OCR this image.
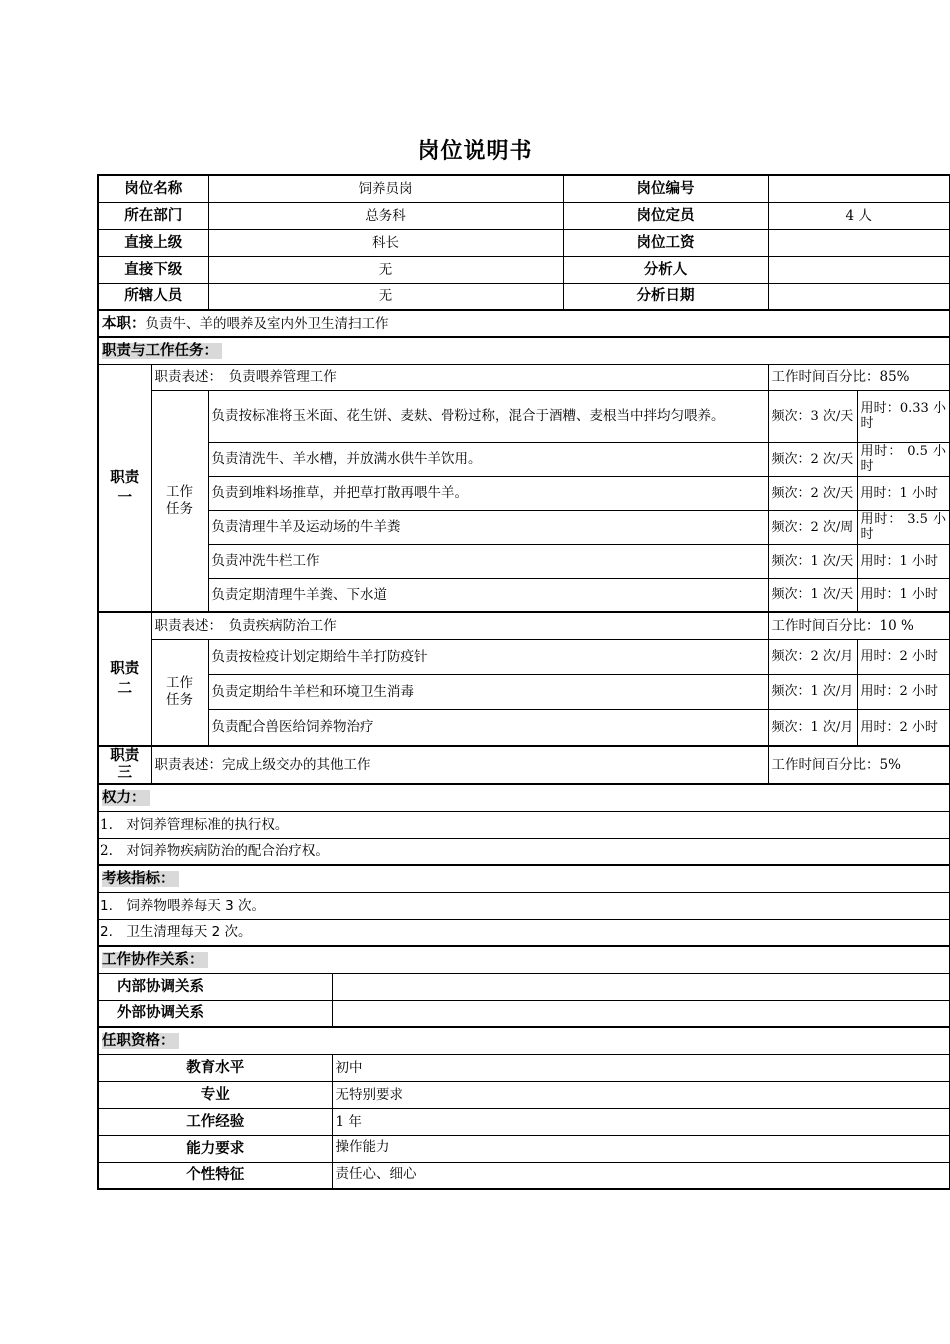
岗位说明书
岗位名称		饲养员岗		岗位编号		
所在部门		总务科		岗位定员	4 人	
直接上级		科长		岗位工资		
直接下级		无		分析人		
所辖人员		无		分析日期		
本职：负责牛、羊的喂养及室内外卫生清扫工作						
职责与工作任务：						
职责一	职责表述：　 负责喂养管理工作				工作时间百分比：85%	
	工作任务	负责按标准将玉米面、花生饼、麦麸、骨粉过称，混合于酒糟、麦根当中拌均匀喂养。			频次：3 次/天	用时：0.33 小时
		负责清洗牛、羊水槽，并放满水供牛羊饮用。			频次：2 次/天	用时： 0.5 小时
		负责到堆料场推草，并把草打散再喂牛羊。			频次：2 次/天	用时：1 小时
		负责清理牛羊及运动场的牛羊粪			频次：2 次/周	用时： 3.5 小时
		负责冲洗牛栏工作			频次：1 次/天	用时：1 小时
		负责定期清理牛羊粪、下水道			频次：1 次/天	用时：1 小时
职责二	职责表述：　 负责疾病防治工作				工作时间百分比：10 %	
	工作任务	负责按检疫计划定期给牛羊打防疫针			频次：2 次/月	用时：2 小时
		负责定期给牛羊栏和环境卫生消毒			频次：1 次/月	用时：2 小时
		负责配合兽医给饲养物治疗			频次：1 次/月	用时：2 小时
职责三	职责表述：完成上级交办的其他工作				工作时间百分比：5%	
权力：						
1.　对饲养管理标准的执行权。						
2.　对饲养物疾病防治的配合治疗权。						
考核指标：						
1.　饲养物喂养每天 3 次。						
2.　卫生清理每天 2 次。						
工作协作关系：						
内部协调关系						
外部协调关系						
任职资格：						
教育水平			初中			
专业			无特别要求			
工作经验			1 年			
能力要求			操作能力			
个性特征			责任心、细心			
